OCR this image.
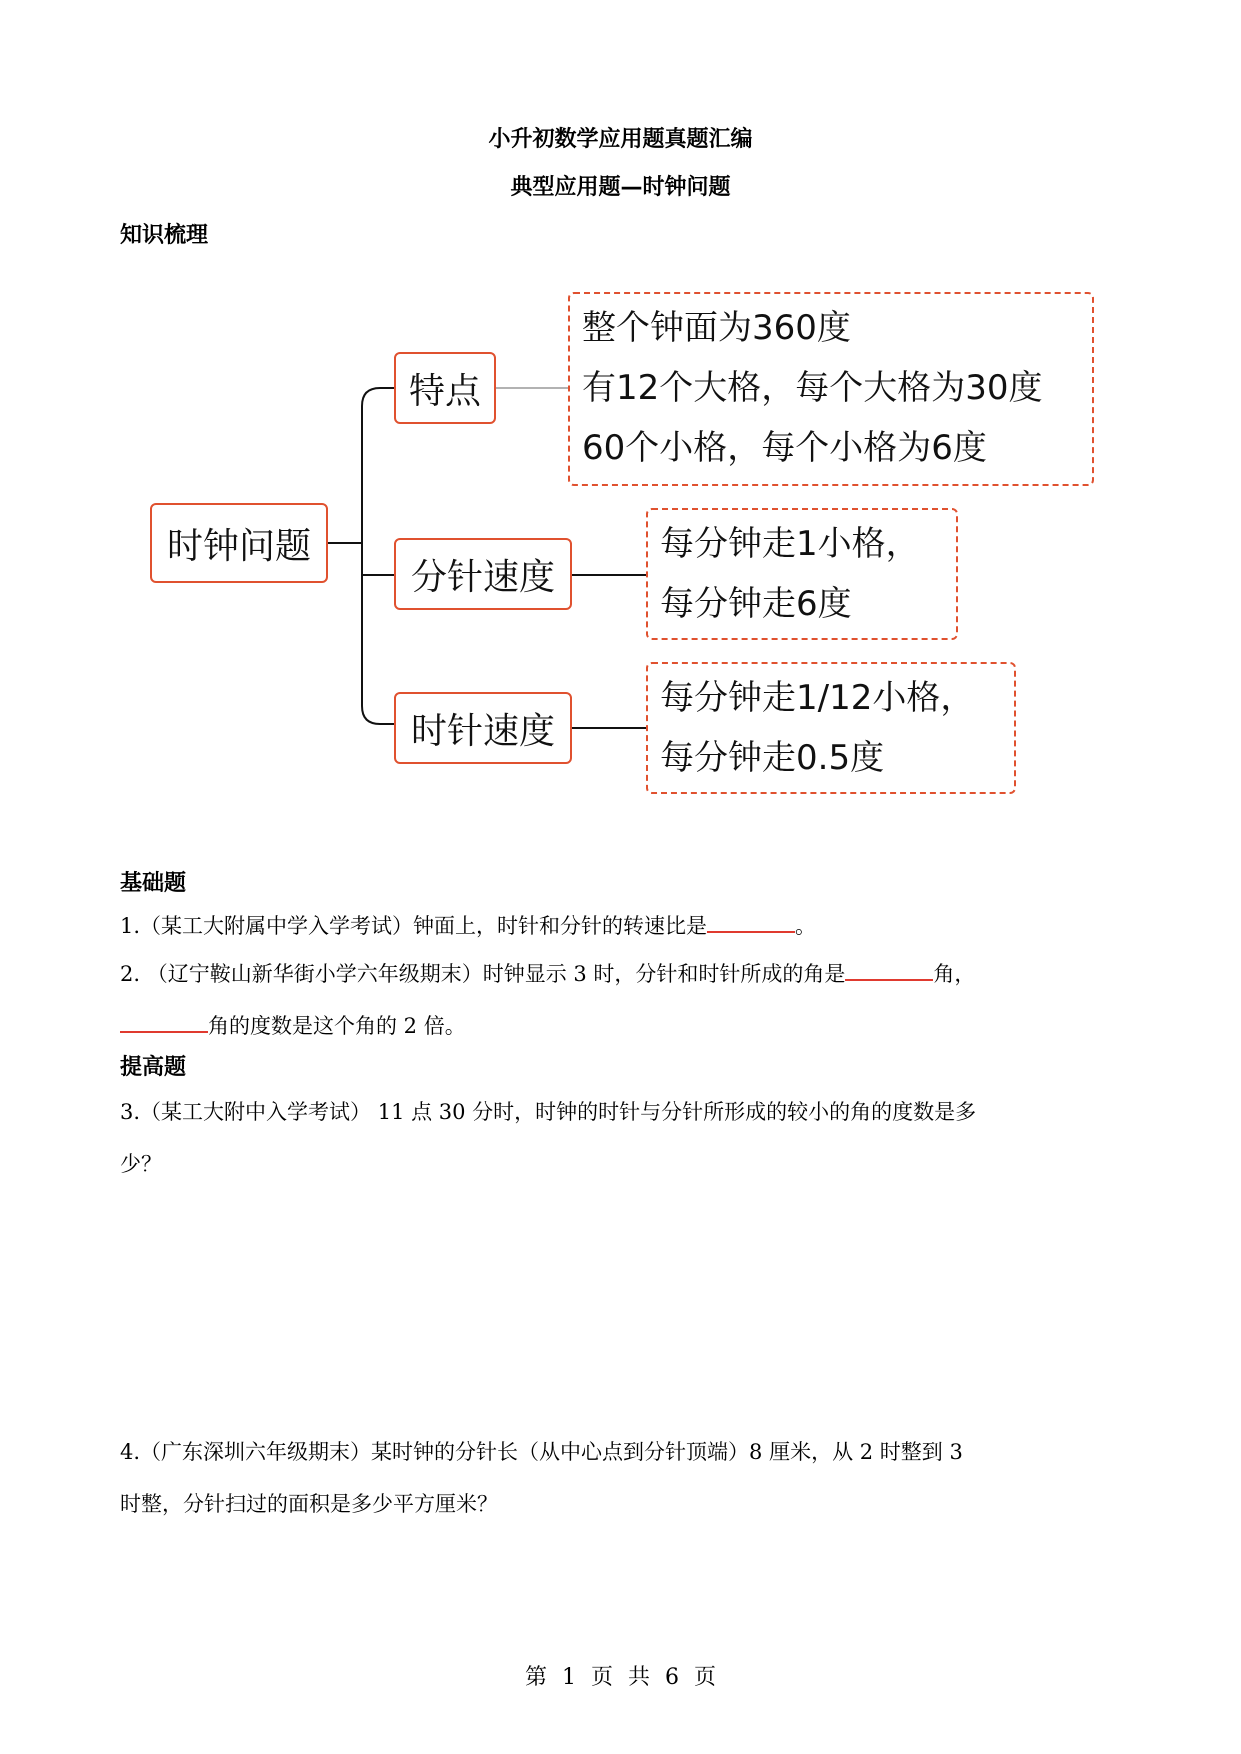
小升初数学应用题真题汇编
典型应用题—时钟问题
知识梳理
时钟问题
特点
分针速度
时针速度
整个钟面为360度
有12个大格，每个大格为30度
60个小格，每个小格为6度
每分钟走1小格，
每分钟走6度
每分钟走1/12小格，
每分钟走0.5度
基础题
1.（某工大附属中学入学考试）钟面上，时针和分针的转速比是	。
2. （辽宁鞍山新华街小学六年级期末）时钟显示 3 时，分针和时针所成的角是	角，
角的度数是这个角的 2 倍。
提高题
3.（某工大附中入学考试） 11 点 30 分时，时钟的时针与分针所形成的较小的角的度数是多
少？
4.（广东深圳六年级期末）某时钟的分针长（从中心点到分针顶端）8 厘米，从 2 时整到 3
时整，分针扫过的面积是多少平方厘米？
第 1 页 共 6 页
